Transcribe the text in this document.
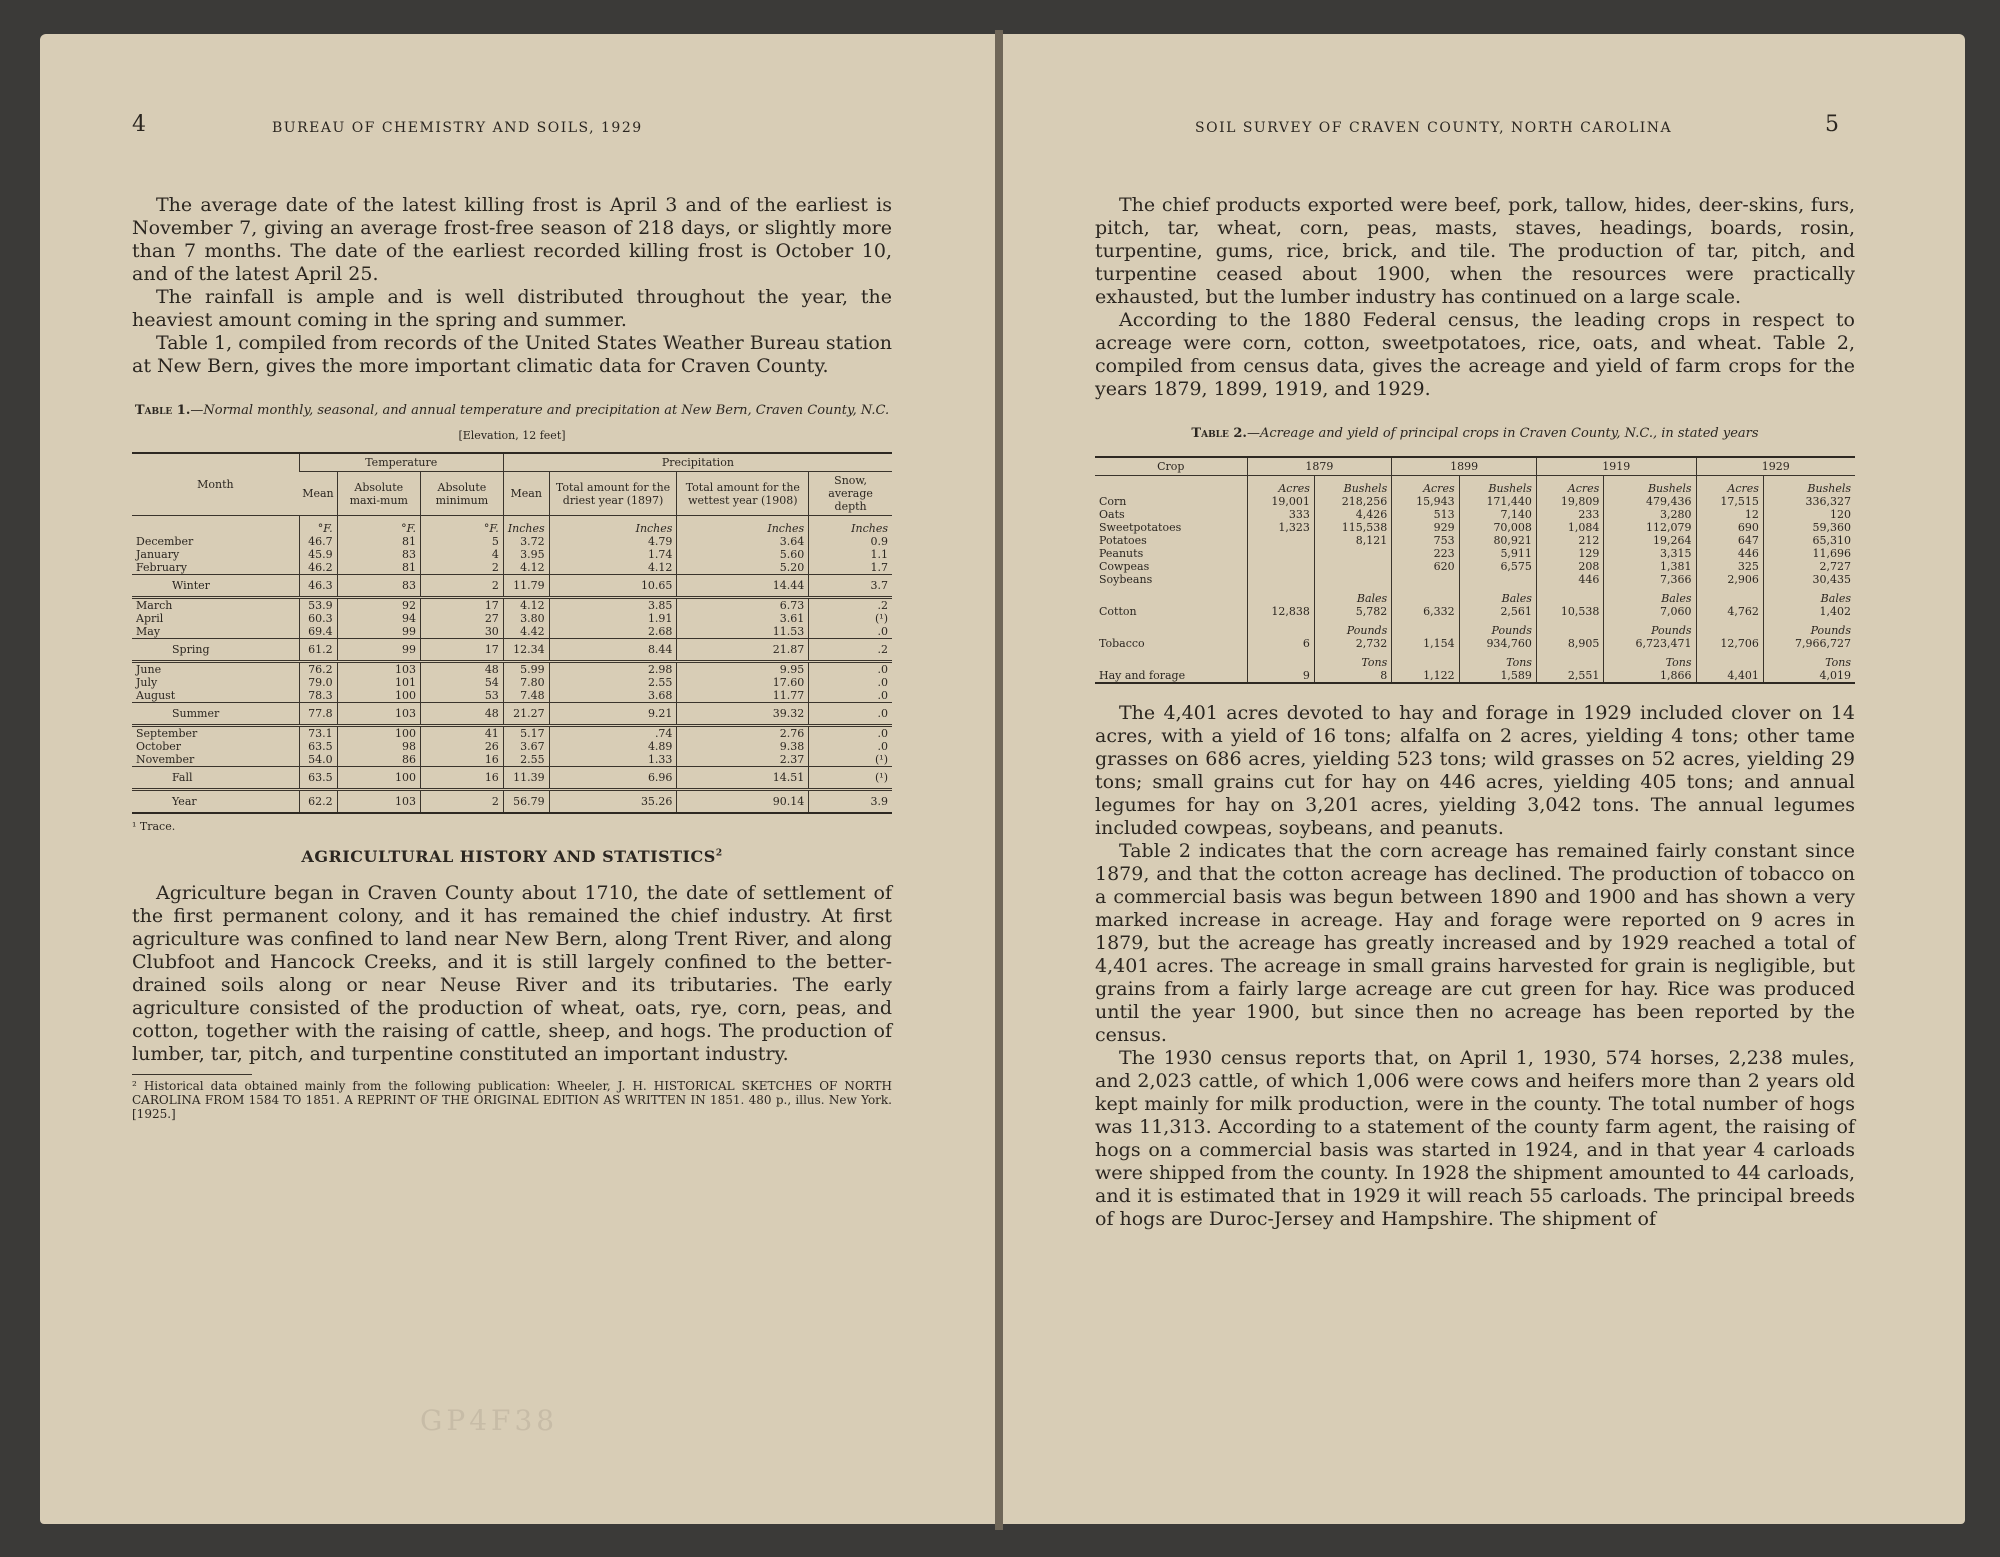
4	BUREAU OF CHEMISTRY AND SOILS, 1929

The average date of the latest killing frost is April 3 and of the earliest is November 7, giving an average frost-free season of 218 days, or slightly more than 7 months. The date of the earliest recorded killing frost is October 10, and of the latest April 25.

The rainfall is ample and is well distributed throughout the year, the heaviest amount coming in the spring and summer.

Table 1, compiled from records of the United States Weather Bureau station at New Bern, gives the more important climatic data for Craven County.

Table 1.—Normal monthly, seasonal, and annual temperature and precipitation at New Bern, Craven County, N.C.
[Elevation, 12 feet]
Month	Temperature			Precipitation			
	Mean	Absolute maxi-mum	Absolute minimum	Mean	Total amount for the driest year (1897)	Total amount for the wettest year (1908)	Snow, average depth
	°F.	°F.	°F.	Inches	Inches	Inches	Inches
December	46.7	81	5	3.72	4.79	3.64	0.9
January	45.9	83	4	3.95	1.74	5.60	1.1
February	46.2	81	2	4.12	4.12	5.20	1.7
Winter	46.3	83	2	11.79	10.65	14.44	3.7
March	53.9	92	17	4.12	3.85	6.73	.2
April	60.3	94	27	3.80	1.91	3.61	(¹)
May	69.4	99	30	4.42	2.68	11.53	.0
Spring	61.2	99	17	12.34	8.44	21.87	.2
June	76.2	103	48	5.99	2.98	9.95	.0
July	79.0	101	54	7.80	2.55	17.60	.0
August	78.3	100	53	7.48	3.68	11.77	.0
Summer	77.8	103	48	21.27	9.21	39.32	.0
September	73.1	100	41	5.17	.74	2.76	.0
October	63.5	98	26	3.67	4.89	9.38	.0
November	54.0	86	16	2.55	1.33	2.37	(¹)
Fall	63.5	100	16	11.39	6.96	14.51	(¹)
Year	62.2	103	2	56.79	35.26	90.14	3.9
¹ Trace.
AGRICULTURAL HISTORY AND STATISTICS$^2$

Agriculture began in Craven County about 1710, the date of settlement of the first permanent colony, and it has remained the chief industry. At first agriculture was confined to land near New Bern, along Trent River, and along Clubfoot and Hancock Creeks, and it is still largely confined to the better-drained soils along or near Neuse River and its tributaries. The early agriculture consisted of the production of wheat, oats, rye, corn, peas, and cotton, together with the raising of cattle, sheep, and hogs. The production of lumber, tar, pitch, and turpentine constituted an important industry.

² Historical data obtained mainly from the following publication: Wheeler, J. H. HISTORICAL SKETCHES OF NORTH CAROLINA FROM 1584 TO 1851. A REPRINT OF THE ORIGINAL EDITION AS WRITTEN IN 1851. 480 p., illus. New York. [1925.]

GP4F38
SOIL SURVEY OF CRAVEN COUNTY, NORTH CAROLINA	5

The chief products exported were beef, pork, tallow, hides, deer-skins, furs, pitch, tar, wheat, corn, peas, masts, staves, headings, boards, rosin, turpentine, gums, rice, brick, and tile. The production of tar, pitch, and turpentine ceased about 1900, when the resources were practically exhausted, but the lumber industry has continued on a large scale.

According to the 1880 Federal census, the leading crops in respect to acreage were corn, cotton, sweetpotatoes, rice, oats, and wheat. Table 2, compiled from census data, gives the acreage and yield of farm crops for the years 1879, 1899, 1919, and 1929.

Table 2.—Acreage and yield of principal crops in Craven County, N.C., in stated years
Crop	1879		1899		1919		1929	
	Acres	Bushels	Acres	Bushels	Acres	Bushels	Acres	Bushels
Corn	19,001	218,256	15,943	171,440	19,809	479,436	17,515	336,327
Oats	333	4,426	513	7,140	233	3,280	12	120
Sweetpotatoes	1,323	115,538	929	70,008	1,084	112,079	690	59,360
Potatoes		8,121	753	80,921	212	19,264	647	65,310
Peanuts			223	5,911	129	3,315	446	11,696
Cowpeas			620	6,575	208	1,381	325	2,727
Soybeans					446	7,366	2,906	30,435
		Bales		Bales		Bales		Bales
Cotton	12,838	5,782	6,332	2,561	10,538	7,060	4,762	1,402
		Pounds		Pounds		Pounds		Pounds
Tobacco	6	2,732	1,154	934,760	8,905	6,723,471	12,706	7,966,727
		Tons		Tons		Tons		Tons
Hay and forage	9	8	1,122	1,589	2,551	1,866	4,401	4,019

The 4,401 acres devoted to hay and forage in 1929 included clover on 14 acres, with a yield of 16 tons; alfalfa on 2 acres, yielding 4 tons; other tame grasses on 686 acres, yielding 523 tons; wild grasses on 52 acres, yielding 29 tons; small grains cut for hay on 446 acres, yielding 405 tons; and annual legumes for hay on 3,201 acres, yielding 3,042 tons. The annual legumes included cowpeas, soybeans, and peanuts.

Table 2 indicates that the corn acreage has remained fairly constant since 1879, and that the cotton acreage has declined. The production of tobacco on a commercial basis was begun between 1890 and 1900 and has shown a very marked increase in acreage. Hay and forage were reported on 9 acres in 1879, but the acreage has greatly increased and by 1929 reached a total of 4,401 acres. The acreage in small grains harvested for grain is negligible, but grains from a fairly large acreage are cut green for hay. Rice was produced until the year 1900, but since then no acreage has been reported by the census.

The 1930 census reports that, on April 1, 1930, 574 horses, 2,238 mules, and 2,023 cattle, of which 1,006 were cows and heifers more than 2 years old kept mainly for milk production, were in the county. The total number of hogs was 11,313. According to a statement of the county farm agent, the raising of hogs on a commercial basis was started in 1924, and in that year 4 carloads were shipped from the county. In 1928 the shipment amounted to 44 carloads, and it is estimated that in 1929 it will reach 55 carloads. The principal breeds of hogs are Duroc-Jersey and Hampshire. The shipment of
